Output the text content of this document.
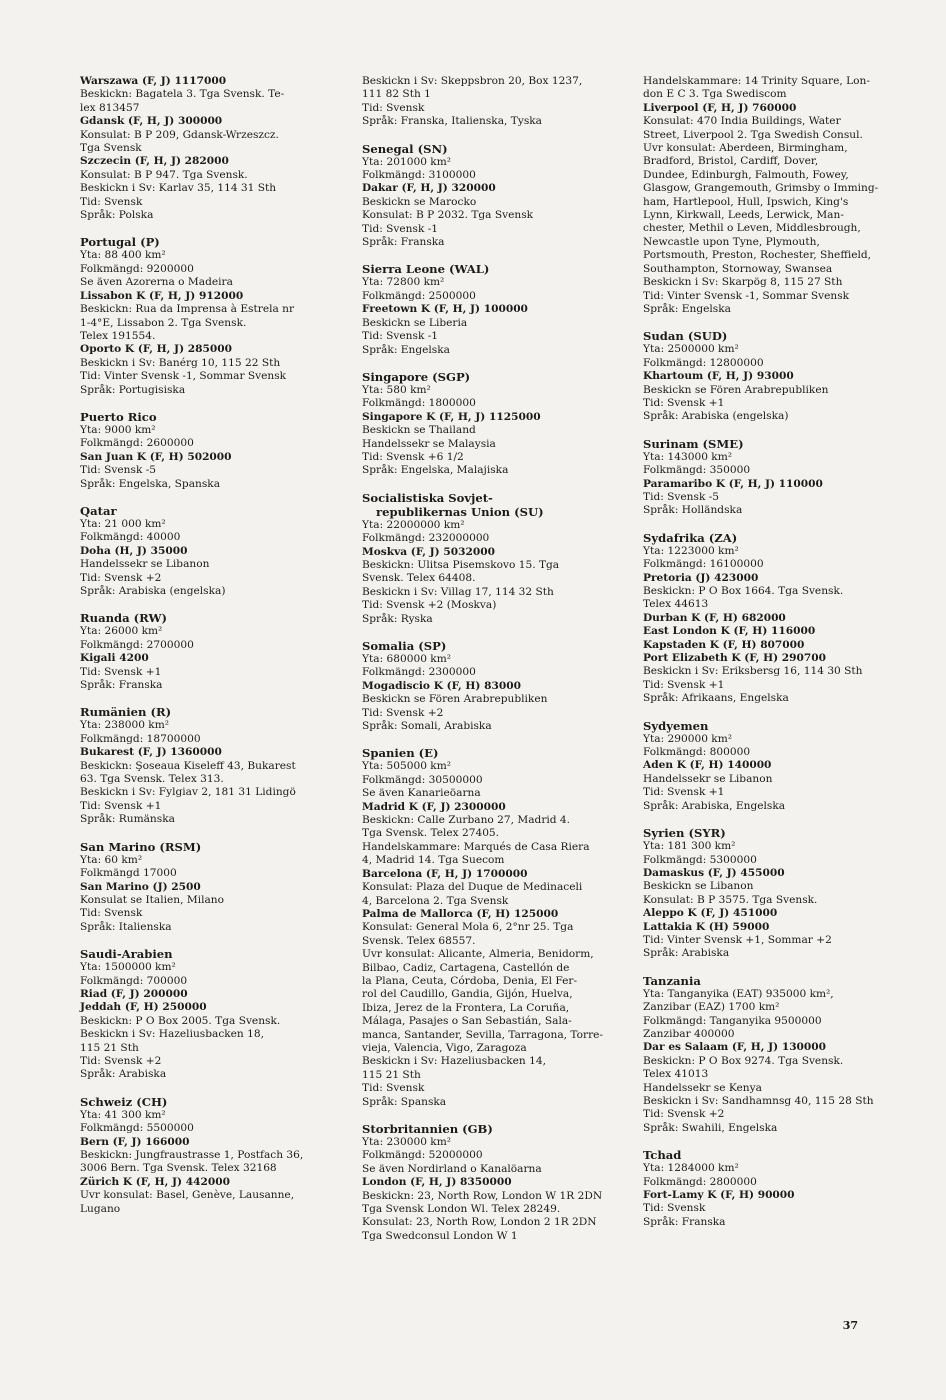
Warszawa (F, J) 1117000
Beskickn: Bagatela 3. Tga Svensk. Te-
lex 813457
Gdansk (F, H, J) 300000
Konsulat: B P 209, Gdansk-Wrzeszcz.
Tga Svensk
Szczecin (F, H, J) 282000
Konsulat: B P 947. Tga Svensk.
Beskickn i Sv: Karlav 35, 114 31 Sth
Tid: Svensk
Språk: Polska
Portugal (P)
Yta: 88 400 km²
Folkmängd: 9200000
Se även Azorerna o Madeira
Lissabon K (F, H, J) 912000
Beskickn: Rua da Imprensa à Estrela nr
1-4°E, Lissabon 2. Tga Svensk.
Telex 191554.
Oporto K (F, H, J) 285000
Beskickn i Sv: Banérg 10, 115 22 Sth
Tid: Vinter Svensk -1, Sommar Svensk
Språk: Portugisiska
Puerto Rico
Yta: 9000 km²
Folkmängd: 2600000
San Juan K (F, H) 502000
Tid: Svensk -5
Språk: Engelska, Spanska
Qatar
Yta: 21 000 km²
Folkmängd: 40000
Doha (H, J) 35000
Handelssekr se Libanon
Tid: Svensk +2
Språk: Arabiska (engelska)
Ruanda (RW)
Yta: 26000 km²
Folkmängd: 2700000
Kigali 4200
Tid: Svensk +1
Språk: Franska
Rumänien (R)
Yta: 238000 km²
Folkmängd: 18700000
Bukarest (F, J) 1360000
Beskickn: Şoseaua Kiseleff 43, Bukarest
63. Tga Svensk. Telex 313.
Beskickn i Sv: Fylgiav 2, 181 31 Lidingö
Tid: Svensk +1
Språk: Rumänska
San Marino (RSM)
Yta: 60 km²
Folkmängd 17000
San Marino (J) 2500
Konsulat se Italien, Milano
Tid: Svensk
Språk: Italienska
Saudi-Arabien
Yta: 1500000 km²
Folkmängd: 700000
Riad (F, J) 200000
Jeddah (F, H) 250000
Beskickn: P O Box 2005. Tga Svensk.
Beskickn i Sv: Hazeliusbacken 18,
115 21 Sth
Tid: Svensk +2
Språk: Arabiska
Schweiz (CH)
Yta: 41 300 km²
Folkmängd: 5500000
Bern (F, J) 166000
Beskickn: Jungfraustrasse 1, Postfach 36,
3006 Bern. Tga Svensk. Telex 32168
Zürich K (F, H, J) 442000
Uvr konsulat: Basel, Genève, Lausanne,
Lugano
Beskickn i Sv: Skeppsbron 20, Box 1237,
111 82 Sth 1
Tid: Svensk
Språk: Franska, Italienska, Tyska
Senegal (SN)
Yta: 201000 km²
Folkmängd: 3100000
Dakar (F, H, J) 320000
Beskickn se Marocko
Konsulat: B P 2032. Tga Svensk
Tid: Svensk -1
Språk: Franska
Sierra Leone (WAL)
Yta: 72800 km²
Folkmängd: 2500000
Freetown K (F, H, J) 100000
Beskickn se Liberia
Tid: Svensk -1
Språk: Engelska
Singapore (SGP)
Yta: 580 km²
Folkmängd: 1800000
Singapore K (F, H, J) 1125000
Beskickn se Thailand
Handelssekr se Malaysia
Tid: Svensk +6 1/2
Språk: Engelska, Malajiska
Socialistiska Sovjet-
republikernas Union (SU)
Yta: 22000000 km²
Folkmängd: 232000000
Moskva (F, J) 5032000
Beskickn: Ulitsa Pisemskovo 15. Tga
Svensk. Telex 64408.
Beskickn i Sv: Villag 17, 114 32 Sth
Tid: Svensk +2 (Moskva)
Språk: Ryska
Somalia (SP)
Yta: 680000 km²
Folkmängd: 2300000
Mogadiscio K (F, H) 83000
Beskickn se Fören Arabrepubliken
Tid: Svensk +2
Språk: Somali, Arabiska
Spanien (E)
Yta: 505000 km²
Folkmängd: 30500000
Se även Kanarieöarna
Madrid K (F, J) 2300000
Beskickn: Calle Zurbano 27, Madrid 4.
Tga Svensk. Telex 27405.
Handelskammare: Marqués de Casa Riera
4, Madrid 14. Tga Suecom
Barcelona (F, H, J) 1700000
Konsulat: Plaza del Duque de Medinaceli
4, Barcelona 2. Tga Svensk
Palma de Mallorca (F, H) 125000
Konsulat: General Mola 6, 2°nr 25. Tga
Svensk. Telex 68557.
Uvr konsulat: Alicante, Almeria, Benidorm,
Bilbao, Cadiz, Cartagena, Castellón de
la Plana, Ceuta, Córdoba, Denia, El Fer-
rol del Caudillo, Gandia, Gijón, Huelva,
Ibiza, Jerez de la Frontera, La Coruña,
Málaga, Pasajes o San Sebastián, Sala-
manca, Santander, Sevilla, Tarragona, Torre-
vieja, Valencia, Vigo, Zaragoza
Beskickn i Sv: Hazeliusbacken 14,
115 21 Sth
Tid: Svensk
Språk: Spanska
Storbritannien (GB)
Yta: 230000 km²
Folkmängd: 52000000
Se även Nordirland o Kanalöarna
London (F, H, J) 8350000
Beskickn: 23, North Row, London W 1R 2DN
Tga Svensk London Wl. Telex 28249.
Konsulat: 23, North Row, London 2 1R 2DN
Tga Swedconsul London W 1
Handelskammare: 14 Trinity Square, Lon-
don E C 3. Tga Swediscom
Liverpool (F, H, J) 760000
Konsulat: 470 India Buildings, Water
Street, Liverpool 2. Tga Swedish Consul.
Uvr konsulat: Aberdeen, Birmingham,
Bradford, Bristol, Cardiff, Dover,
Dundee, Edinburgh, Falmouth, Fowey,
Glasgow, Grangemouth, Grimsby o Imming-
ham, Hartlepool, Hull, Ipswich, King's
Lynn, Kirkwall, Leeds, Lerwick, Man-
chester, Methil o Leven, Middlesbrough,
Newcastle upon Tyne, Plymouth,
Portsmouth, Preston, Rochester, Sheffield,
Southampton, Stornoway, Swansea
Beskickn i Sv: Skarpög 8, 115 27 Sth
Tid: Vinter Svensk -1, Sommar Svensk
Språk: Engelska
Sudan (SUD)
Yta: 2500000 km²
Folkmängd: 12800000
Khartoum (F, H, J) 93000
Beskickn se Fören Arabrepubliken
Tid: Svensk +1
Språk: Arabiska (engelska)
Surinam (SME)
Yta: 143000 km²
Folkmängd: 350000
Paramaribo K (F, H, J) 110000
Tid: Svensk -5
Språk: Holländska
Sydafrika (ZA)
Yta: 1223000 km²
Folkmängd: 16100000
Pretoria (J) 423000
Beskickn: P O Box 1664. Tga Svensk.
Telex 44613
Durban K (F, H) 682000
East London K (F, H) 116000
Kapstaden K (F, H) 807000
Port Elizabeth K (F, H) 290700
Beskickn i Sv: Eriksbersg 16, 114 30 Sth
Tid: Svensk +1
Språk: Afrikaans, Engelska
Sydyemen
Yta: 290000 km²
Folkmängd: 800000
Aden K (F, H) 140000
Handelssekr se Libanon
Tid: Svensk +1
Språk: Arabiska, Engelska
Syrien (SYR)
Yta: 181 300 km²
Folkmängd: 5300000
Damaskus (F, J) 455000
Beskickn se Libanon
Konsulat: B P 3575. Tga Svensk.
Aleppo K (F, J) 451000
Lattakia K (H) 59000
Tid: Vinter Svensk +1, Sommar +2
Språk: Arabiska
Tanzania
Yta: Tanganyika (EAT) 935000 km²,
Zanzibar (EAZ) 1700 km²
Folkmängd: Tanganyika 9500000
Zanzibar 400000
Dar es Salaam (F, H, J) 130000
Beskickn: P O Box 9274. Tga Svensk.
Telex 41013
Handelssekr se Kenya
Beskickn i Sv: Sandhamnsg 40, 115 28 Sth
Tid: Svensk +2
Språk: Swahili, Engelska
Tchad
Yta: 1284000 km²
Folkmängd: 2800000
Fort-Lamy K (F, H) 90000
Tid: Svensk
Språk: Franska
37
